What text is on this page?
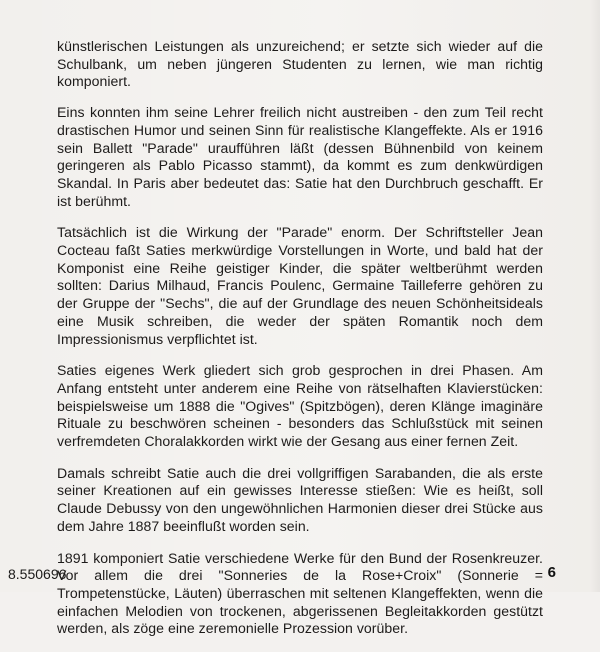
künstlerischen Leistungen als unzureichend; er setzte sich wieder auf die Schulbank, um neben jüngeren Studenten zu lernen, wie man richtig komponiert.

Eins konnten ihm seine Lehrer freilich nicht austreiben - den zum Teil recht drastischen Humor und seinen Sinn für realistische Klangeffekte. Als er 1916 sein Ballett "Parade" uraufführen läßt (dessen Bühnenbild von keinem geringeren als Pablo Picasso stammt), da kommt es zum denkwürdigen Skandal. In Paris aber bedeutet das: Satie hat den Durchbruch geschafft. Er ist berühmt.

Tatsächlich ist die Wirkung der "Parade" enorm. Der Schriftsteller Jean Cocteau faßt Saties merkwürdige Vorstellungen in Worte, und bald hat der Komponist eine Reihe geistiger Kinder, die später weltberühmt werden sollten: Darius Milhaud, Francis Poulenc, Germaine Tailleferre gehören zu der Gruppe der "Sechs", die auf der Grundlage des neuen Schönheitsideals eine Musik schreiben, die weder der späten Romantik noch dem Impressionismus verpflichtet ist.

Saties eigenes Werk gliedert sich grob gesprochen in drei Phasen. Am Anfang entsteht unter anderem eine Reihe von rätselhaften Klavierstücken: beispielsweise um 1888 die "Ogives" (Spitzbögen), deren Klänge imaginäre Rituale zu beschwören scheinen - besonders das Schlußstück mit seinen verfremdeten Choralakkorden wirkt wie der Gesang aus einer fernen Zeit.

Damals schreibt Satie auch die drei vollgriffigen Sarabanden, die als erste seiner Kreationen auf ein gewisses Interesse stießen: Wie es heißt, soll Claude Debussy von den ungewöhnlichen Harmonien dieser drei Stücke aus dem Jahre 1887 beeinflußt worden sein.

1891 komponiert Satie verschiedene Werke für den Bund der Rosenkreuzer. Vor allem die drei "Sonneries de la Rose+Croix" (Sonnerie = Trompetenstücke, Läuten) überraschen mit seltenen Klangeffekten, wenn die einfachen Melodien von trockenen, abgerissenen Begleitakkorden gestützt werden, als zöge eine zeremonielle Prozession vorüber.

8.550696	6
